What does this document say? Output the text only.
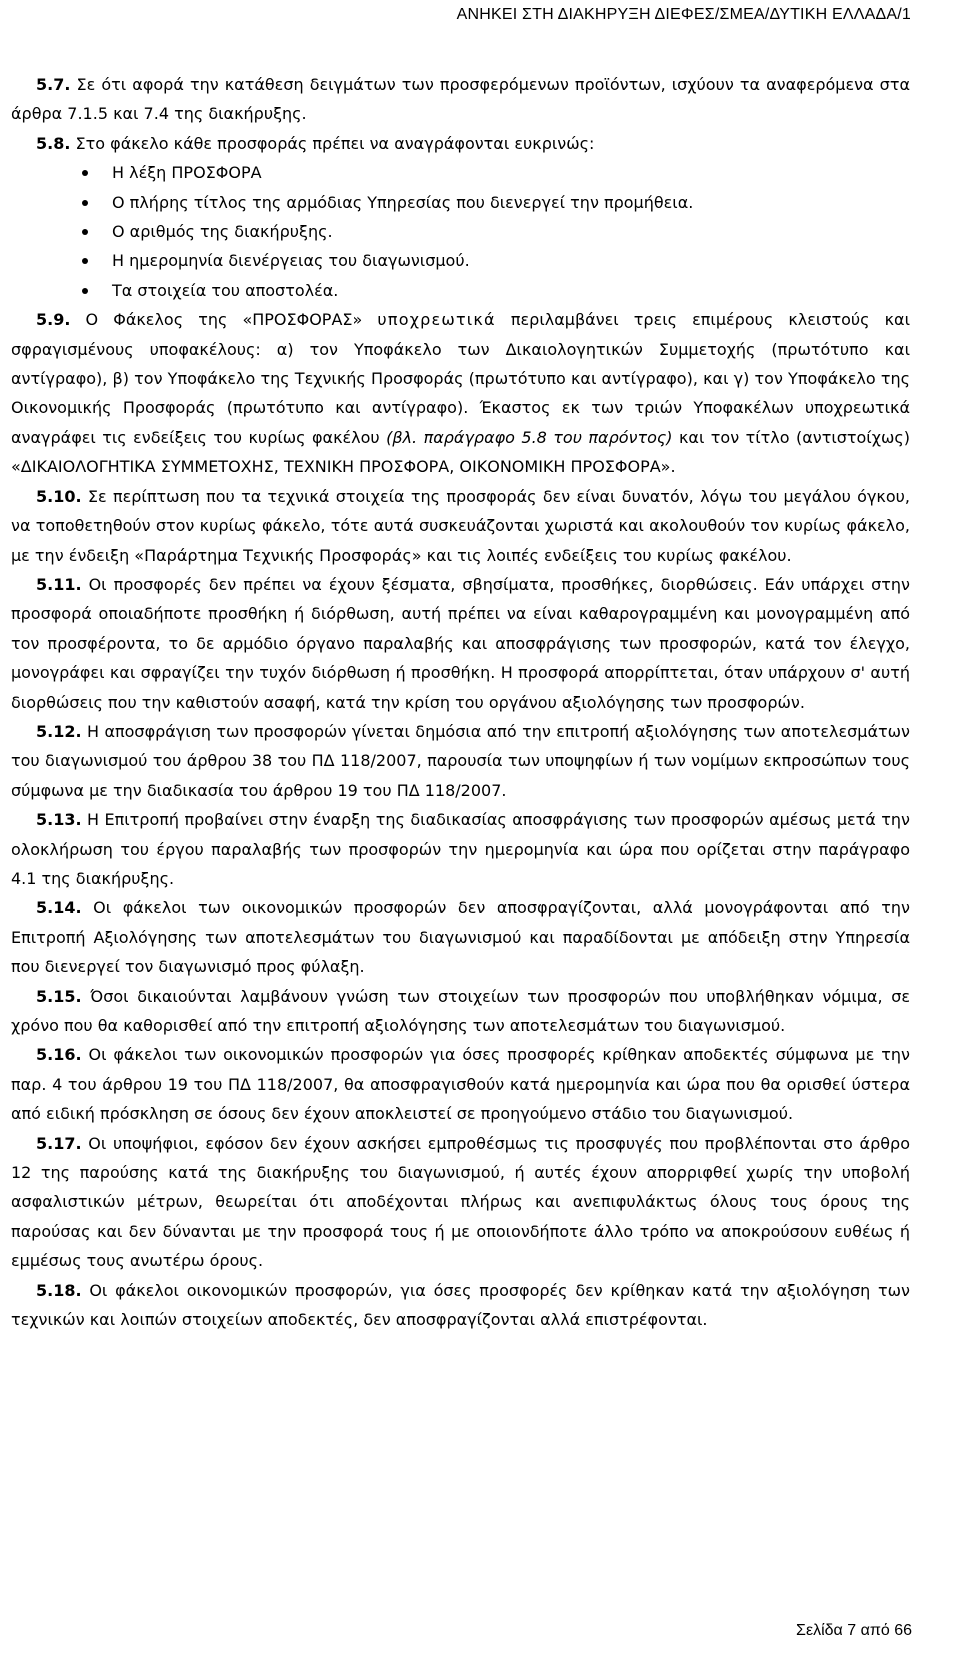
ΑΝΗΚΕΙ ΣΤΗ ΔΙΑΚΗΡΥΞΗ ΔΙΕΦΕΣ/ΣΜΕΑ/ΔΥΤΙΚΗ ΕΛΛΑΔΑ/1

5.7. Σε ότι αφορά την κατάθεση δειγμάτων των προσφερόμενων προϊόντων, ισχύουν τα αναφερόμενα στα άρθρα 7.1.5 και 7.4 της διακήρυξης.

5.8. Στο φάκελο κάθε προσφοράς πρέπει να αναγράφονται ευκρινώς:

Η λέξη ΠΡΟΣΦΟΡΑ
Ο πλήρης τίτλος της αρμόδιας Υπηρεσίας που διενεργεί την προμήθεια.
Ο αριθμός της διακήρυξης.
Η ημερομηνία διενέργειας του διαγωνισμού.
Τα στοιχεία του αποστολέα.

5.9. Ο Φάκελος της «ΠΡΟΣΦΟΡΑΣ» υποχρεωτικά περιλαμβάνει τρεις επιμέρους κλειστούς και σφραγισμένους υποφακέλους: α) τον Υποφάκελο των Δικαιολογητικών Συμμετοχής (πρωτότυπο και αντίγραφο), β) τον Υποφάκελο της Τεχνικής Προσφοράς (πρωτότυπο και αντίγραφο), και γ) τον Υποφάκελο της Οικονομικής Προσφοράς (πρωτότυπο και αντίγραφο). Έκαστος εκ των τριών Υποφακέλων υποχρεωτικά αναγράφει τις ενδείξεις του κυρίως φακέλου (βλ. παράγραφο 5.8 του παρόντος) και τον τίτλο (αντιστοίχως) «ΔΙΚΑΙΟΛΟΓΗΤΙΚΑ ΣΥΜΜΕΤΟΧΗΣ, ΤΕΧΝΙΚΗ ΠΡΟΣΦΟΡΑ, ΟΙΚΟΝΟΜΙΚΗ ΠΡΟΣΦΟΡΑ».

5.10. Σε περίπτωση που τα τεχνικά στοιχεία της προσφοράς δεν είναι δυνατόν, λόγω του μεγάλου όγκου, να τοποθετηθούν στον κυρίως φάκελο, τότε αυτά συσκευάζονται χωριστά και ακολουθούν τον κυρίως φάκελο, με την ένδειξη «Παράρτημα Τεχνικής Προσφοράς» και τις λοιπές ενδείξεις του κυρίως φακέλου.

5.11. Οι προσφορές δεν πρέπει να έχουν ξέσματα, σβησίματα, προσθήκες, διορθώσεις. Εάν υπάρχει στην προσφορά οποιαδήποτε προσθήκη ή διόρθωση, αυτή πρέπει να είναι καθαρογραμμένη και μονογραμμένη από τον προσφέροντα, το δε αρμόδιο όργανο παραλαβής και αποσφράγισης των προσφορών, κατά τον έλεγχο, μονογράφει και σφραγίζει την τυχόν διόρθωση ή προσθήκη. Η προσφορά απορρίπτεται, όταν υπάρχουν σ' αυτή διορθώσεις που την καθιστούν ασαφή, κατά την κρίση του οργάνου αξιολόγησης των προσφορών.

5.12. Η αποσφράγιση των προσφορών γίνεται δημόσια από την επιτροπή αξιολόγησης των αποτελεσμάτων του διαγωνισμού του άρθρου 38 του ΠΔ 118/2007, παρουσία των υποψηφίων ή των νομίμων εκπροσώπων τους σύμφωνα με την διαδικασία του άρθρου 19 του ΠΔ 118/2007.

5.13. Η Επιτροπή προβαίνει στην έναρξη της διαδικασίας αποσφράγισης των προσφορών αμέσως μετά την ολοκλήρωση του έργου παραλαβής των προσφορών την ημερομηνία και ώρα που ορίζεται στην παράγραφο 4.1 της διακήρυξης.

5.14. Οι φάκελοι των οικονομικών προσφορών δεν αποσφραγίζονται, αλλά μονογράφονται από την Επιτροπή Αξιολόγησης των αποτελεσμάτων του διαγωνισμού και παραδίδονται με απόδειξη στην Υπηρεσία που διενεργεί τον διαγωνισμό προς φύλαξη.

5.15. Όσοι δικαιούνται λαμβάνουν γνώση των στοιχείων των προσφορών που υποβλήθηκαν νόμιμα, σε χρόνο που θα καθορισθεί από την επιτροπή αξιολόγησης των αποτελεσμάτων του διαγωνισμού.

5.16. Οι φάκελοι των οικονομικών προσφορών για όσες προσφορές κρίθηκαν αποδεκτές σύμφωνα με την παρ. 4 του άρθρου 19 του ΠΔ 118/2007, θα αποσφραγισθούν κατά ημερομηνία και ώρα που θα ορισθεί ύστερα από ειδική πρόσκληση σε όσους δεν έχουν αποκλειστεί σε προηγούμενο στάδιο του διαγωνισμού.

5.17. Οι υποψήφιοι, εφόσον δεν έχουν ασκήσει εμπροθέσμως τις προσφυγές που προβλέπονται στο άρθρο 12 της παρούσης κατά της διακήρυξης του διαγωνισμού, ή αυτές έχουν απορριφθεί χωρίς την υποβολή ασφαλιστικών μέτρων, θεωρείται ότι αποδέχονται πλήρως και ανεπιφυλάκτως όλους τους όρους της παρούσας και δεν δύνανται με την προσφορά τους ή με οποιονδήποτε άλλο τρόπο να αποκρούσουν ευθέως ή εμμέσως τους ανωτέρω όρους.

5.18. Οι φάκελοι οικονομικών προσφορών, για όσες προσφορές δεν κρίθηκαν κατά την αξιολόγηση των τεχνικών και λοιπών στοιχείων αποδεκτές, δεν αποσφραγίζονται αλλά επιστρέφονται.

Σελίδα 7 από 66
